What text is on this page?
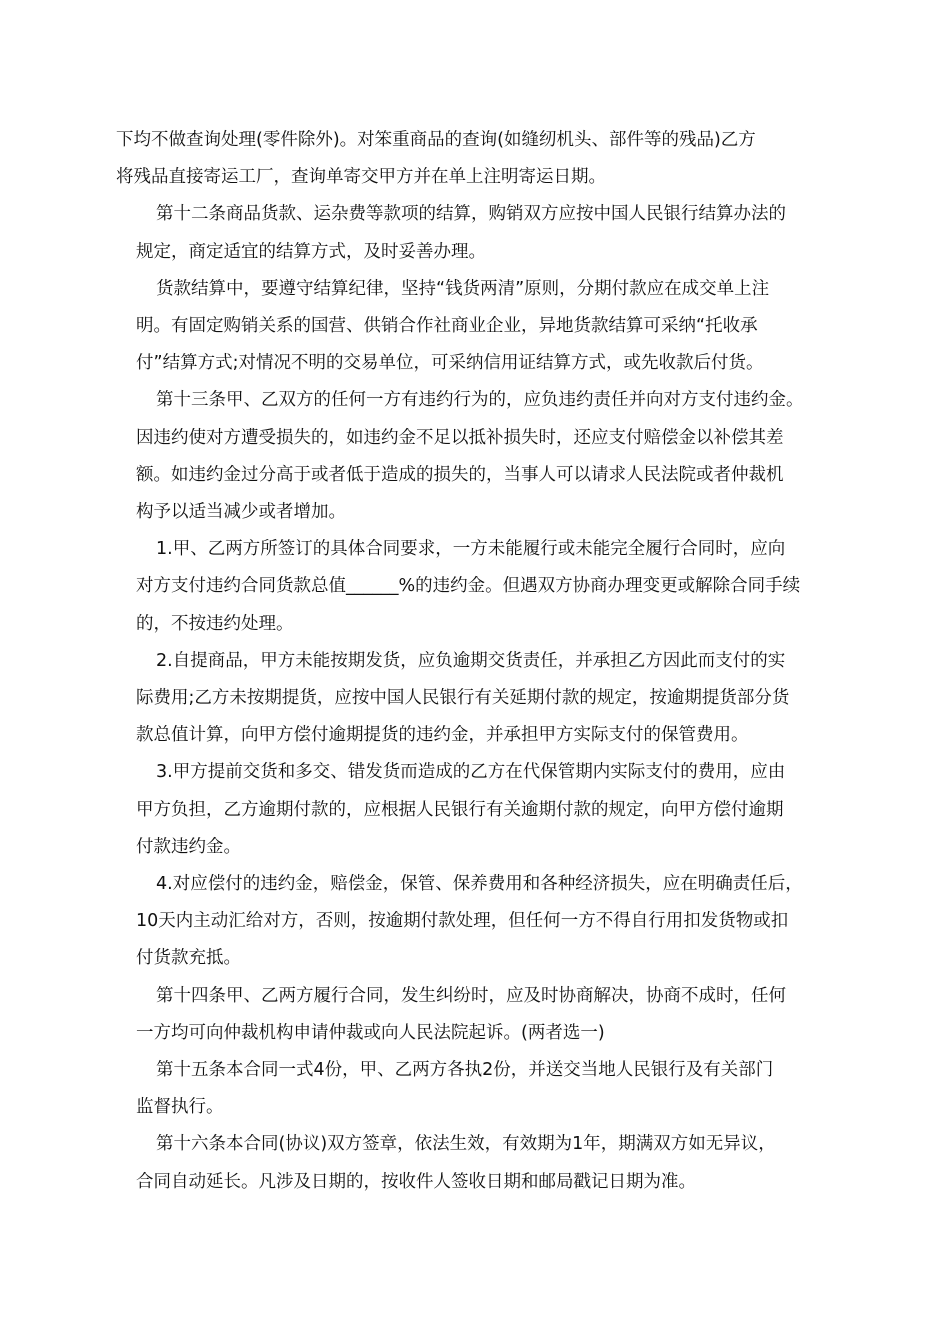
下均不做查询处理(零件除外)。对笨重商品的查询(如缝纫机头、部件等的残品)乙方
将残品直接寄运工厂，查询单寄交甲方并在单上注明寄运日期。
第十二条商品货款、运杂费等款项的结算，购销双方应按中国人民银行结算办法的
规定，商定适宜的结算方式，及时妥善办理。
货款结算中，要遵守结算纪律，坚持“钱货两清”原则，分期付款应在成交单上注
明。有固定购销关系的国营、供销合作社商业企业，异地货款结算可采纳“托收承
付”结算方式;对情况不明的交易单位，可采纳信用证结算方式，或先收款后付货。
第十三条甲、乙双方的任何一方有违约行为的，应负违约责任并向对方支付违约金。
因违约使对方遭受损失的，如违约金不足以抵补损失时，还应支付赔偿金以补偿其差
额。如违约金过分高于或者低于造成的损失的，当事人可以请求人民法院或者仲裁机
构予以适当减少或者增加。
1.甲、乙两方所签订的具体合同要求，一方未能履行或未能完全履行合同时，应向
对方支付违约合同货款总值______%的违约金。但遇双方协商办理变更或解除合同手续
的，不按违约处理。
2.自提商品，甲方未能按期发货，应负逾期交货责任，并承担乙方因此而支付的实
际费用;乙方未按期提货，应按中国人民银行有关延期付款的规定，按逾期提货部分货
款总值计算，向甲方偿付逾期提货的违约金，并承担甲方实际支付的保管费用。
3.甲方提前交货和多交、错发货而造成的乙方在代保管期内实际支付的费用，应由
甲方负担，乙方逾期付款的，应根据人民银行有关逾期付款的规定，向甲方偿付逾期
付款违约金。
4.对应偿付的违约金，赔偿金，保管、保养费用和各种经济损失，应在明确责任后，
10天内主动汇给对方，否则，按逾期付款处理，但任何一方不得自行用扣发货物或扣
付货款充抵。
第十四条甲、乙两方履行合同，发生纠纷时，应及时协商解决，协商不成时，任何
一方均可向仲裁机构申请仲裁或向人民法院起诉。(两者选一)
第十五条本合同一式4份，甲、乙两方各执2份，并送交当地人民银行及有关部门
监督执行。
第十六条本合同(协议)双方签章，依法生效，有效期为1年，期满双方如无异议，
合同自动延长。凡涉及日期的，按收件人签收日期和邮局戳记日期为准。
